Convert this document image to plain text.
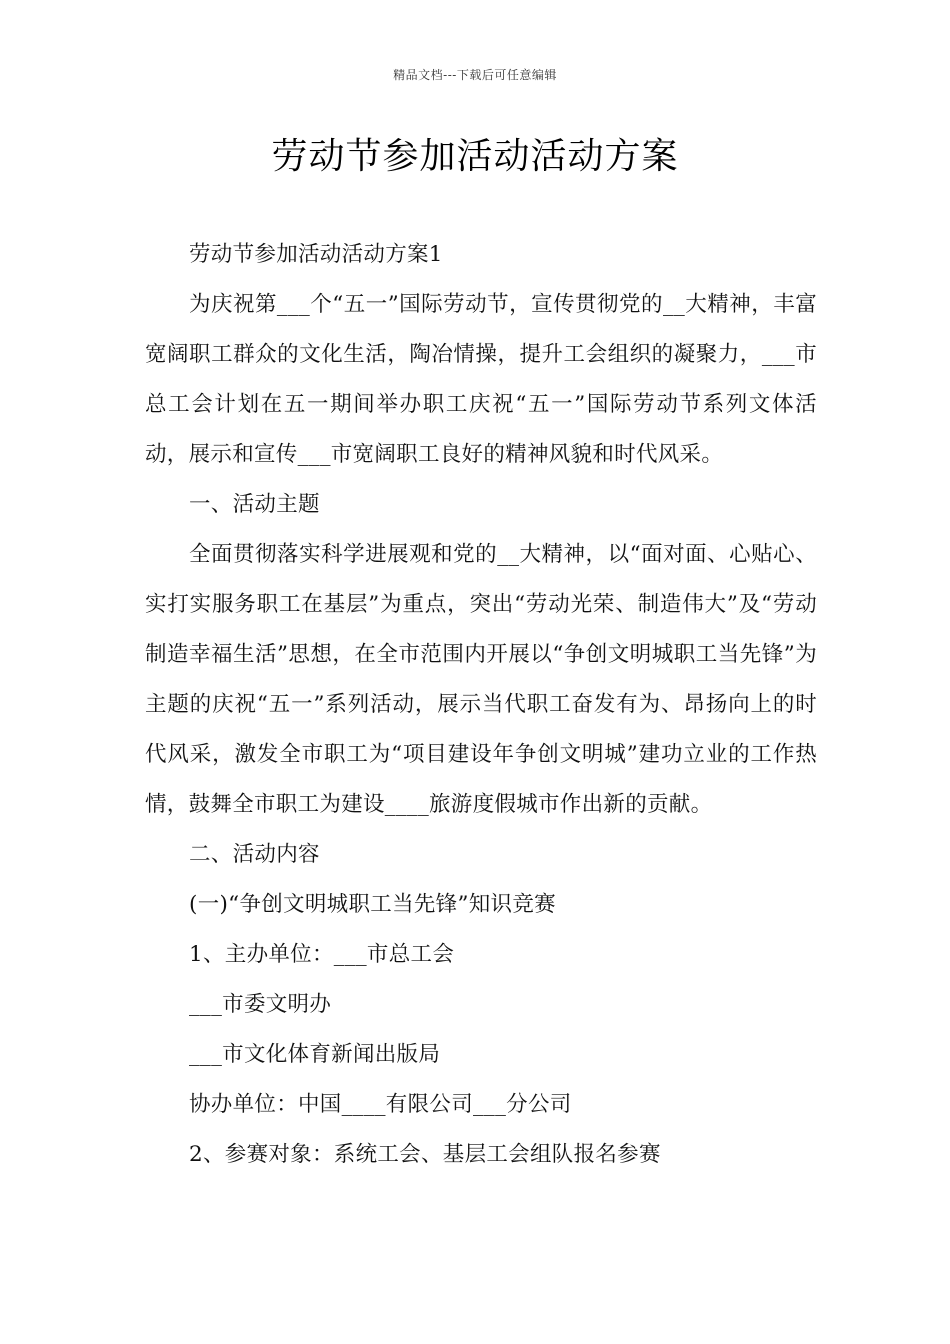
精品文档---下载后可任意编辑
劳动节参加活动活动方案

劳动节参加活动活动方案1

为庆祝第___个“五一”国际劳动节，宣传贯彻党的__大精神，丰富宽阔职工群众的文化生活，陶冶情操，提升工会组织的凝聚力，___市总工会计划在五一期间举办职工庆祝“五一”国际劳动节系列文体活动，展示和宣传___市宽阔职工良好的精神风貌和时代风采。

一、活动主题

全面贯彻落实科学进展观和党的__大精神，以“面对面、心贴心、实打实服务职工在基层”为重点，突出“劳动光荣、制造伟大”及“劳动制造幸福生活”思想，在全市范围内开展以“争创文明城职工当先锋”为主题的庆祝“五一”系列活动，展示当代职工奋发有为、昂扬向上的时代风采，激发全市职工为“项目建设年争创文明城”建功立业的工作热情，鼓舞全市职工为建设____旅游度假城市作出新的贡献。

二、活动内容

(一)“争创文明城职工当先锋”知识竞赛

1、主办单位：___市总工会

___市委文明办

___市文化体育新闻出版局

协办单位：中国____有限公司___分公司

2、参赛对象：系统工会、基层工会组队报名参赛
